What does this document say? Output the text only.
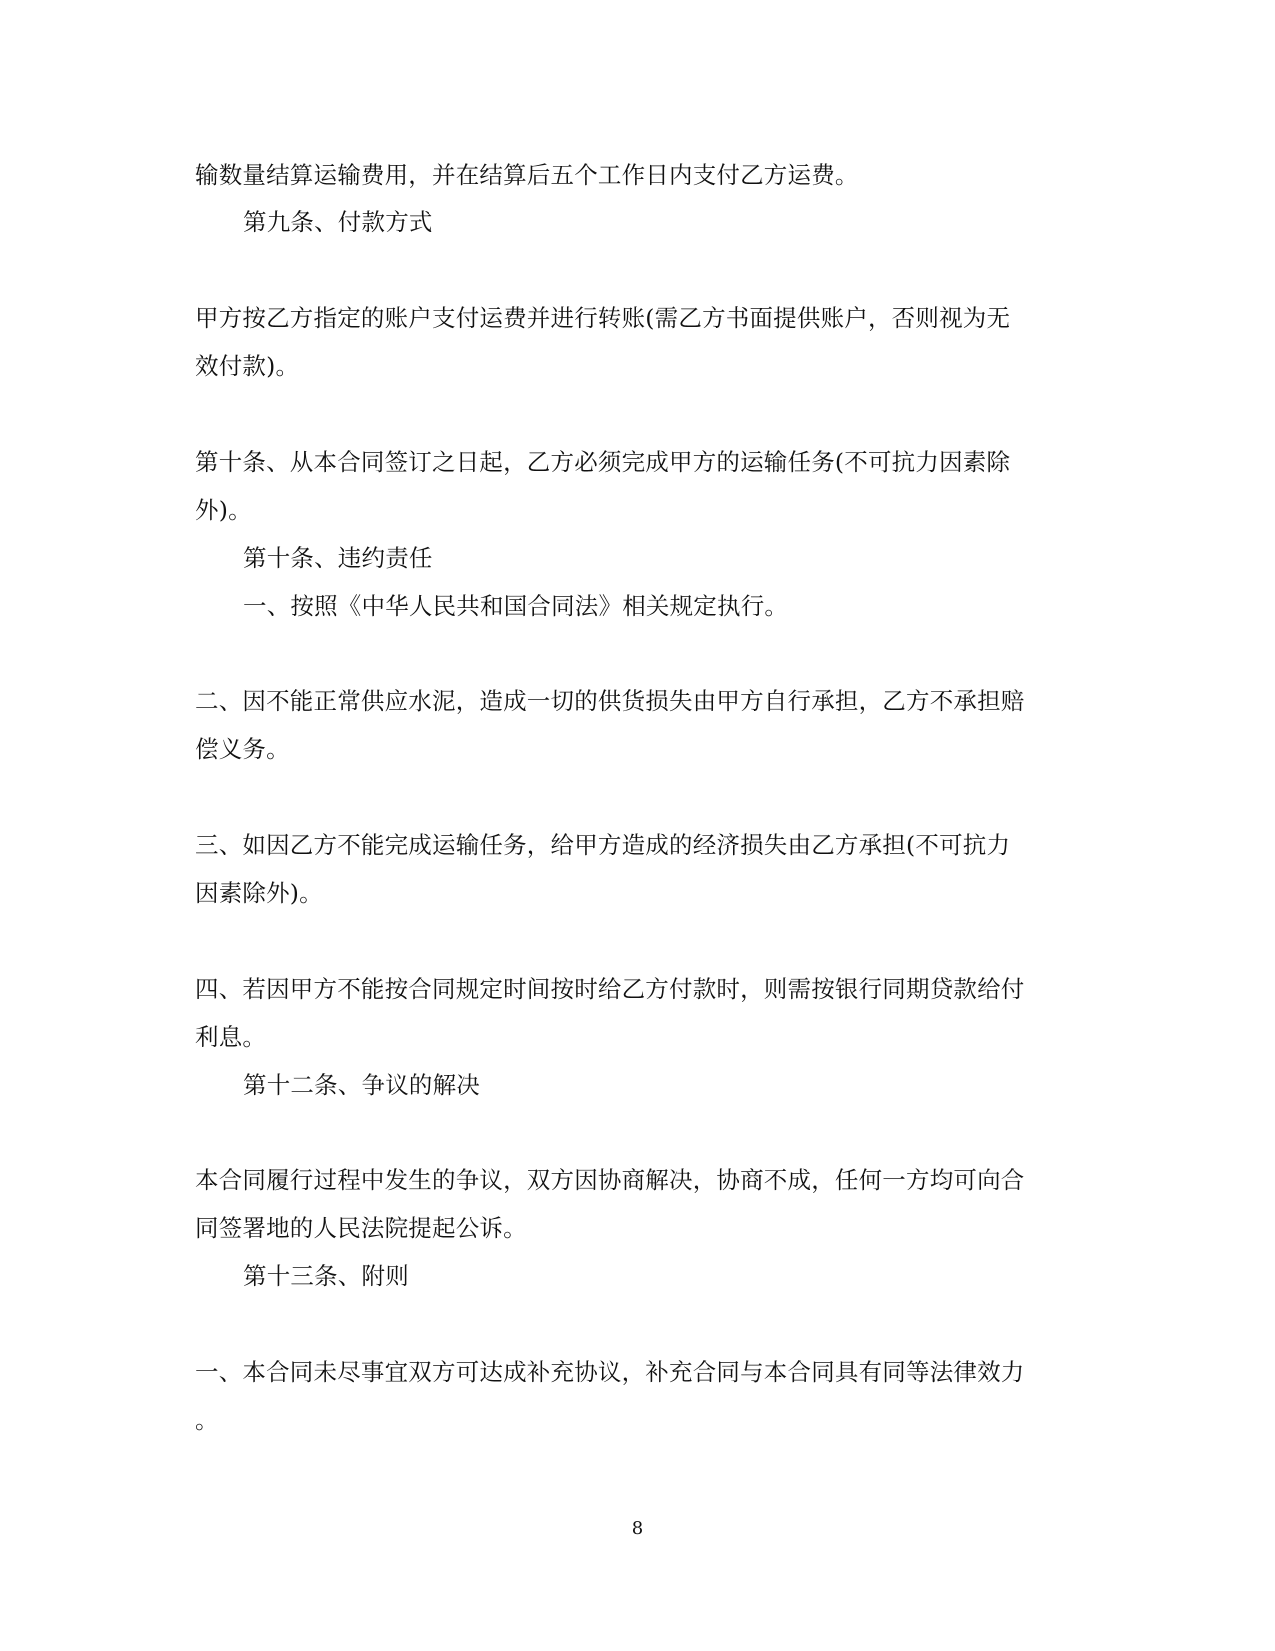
输数量结算运输费用，并在结算后五个工作日内支付乙方运费。
第九条、付款方式
甲方按乙方指定的账户支付运费并进行转账(需乙方书面提供账户，否则视为无
效付款)。
第十条、从本合同签订之日起，乙方必须完成甲方的运输任务(不可抗力因素除
外)。
第十条、违约责任
一、按照《中华人民共和国合同法》相关规定执行。
二、因不能正常供应水泥，造成一切的供货损失由甲方自行承担，乙方不承担赔
偿义务。
三、如因乙方不能完成运输任务，给甲方造成的经济损失由乙方承担(不可抗力
因素除外)。
四、若因甲方不能按合同规定时间按时给乙方付款时，则需按银行同期贷款给付
利息。
第十二条、争议的解决
本合同履行过程中发生的争议，双方因协商解决，协商不成，任何一方均可向合
同签署地的人民法院提起公诉。
第十三条、附则
一、本合同未尽事宜双方可达成补充协议，补充合同与本合同具有同等法律效力
。
8
